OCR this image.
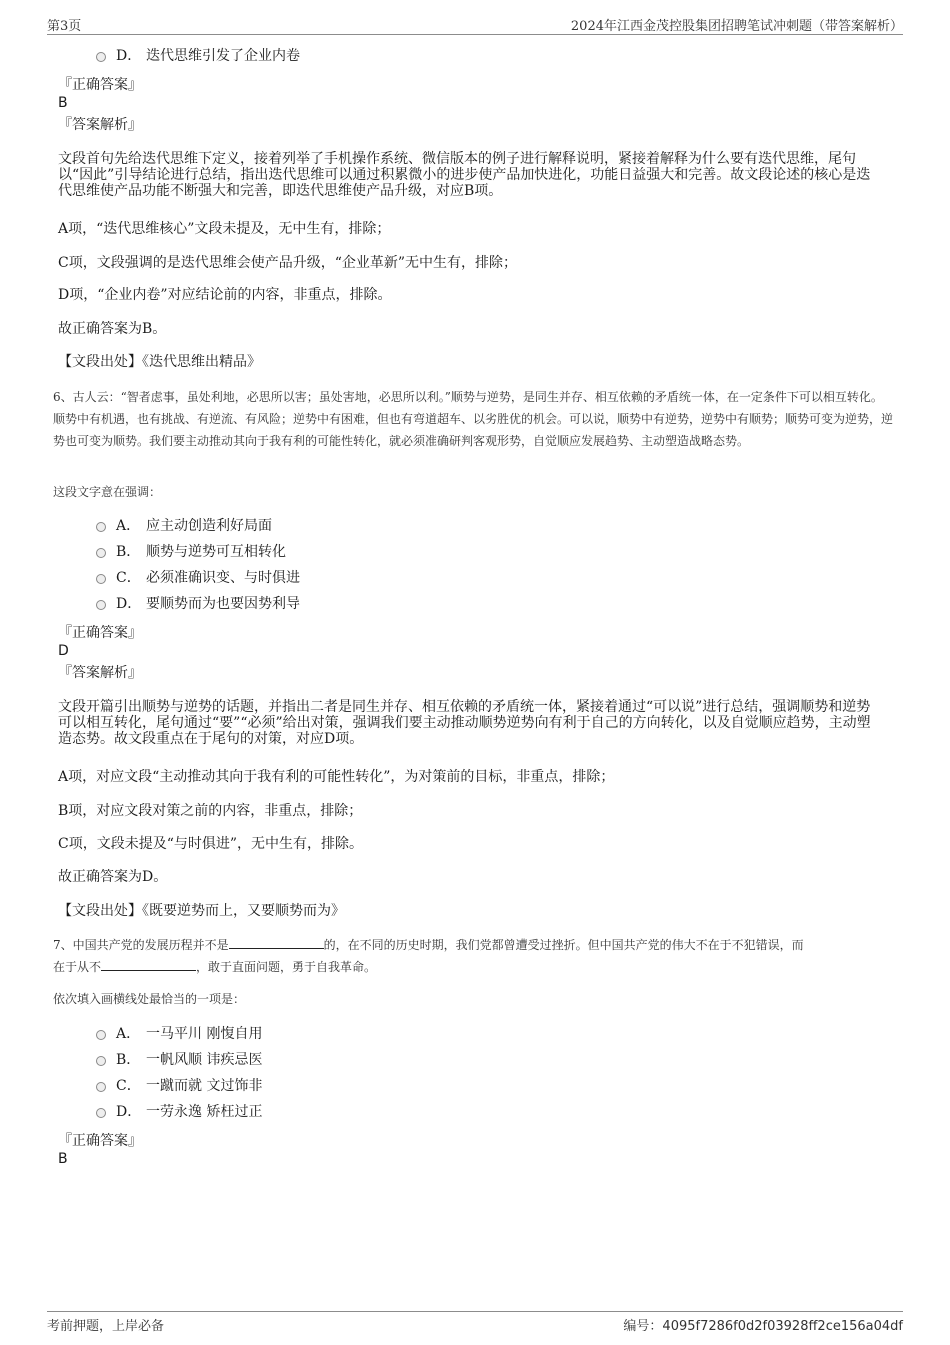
第3页	2024年江西金茂控股集团招聘笔试冲刺题（带答案解析）
D． 迭代思维引发了企业内卷
『正确答案』
B
『答案解析』
文段首句先给迭代思维下定义，接着列举了手机操作系统、微信版本的例子进行解释说明，紧接着解释为什么要有迭代思维，尾句以“因此”引导结论进行总结，指出迭代思维可以通过积累微小的进步使产品加快进化，功能日益强大和完善。故文段论述的核心是迭代思维使产品功能不断强大和完善，即迭代思维使产品升级，对应B项。
A项，“迭代思维核心”文段未提及，无中生有，排除；
C项，文段强调的是迭代思维会使产品升级，“企业革新”无中生有，排除；
D项，“企业内卷”对应结论前的内容，非重点，排除。
故正确答案为B。
【文段出处】《迭代思维出精品》
6、古人云：“智者虑事，虽处利地，必思所以害；虽处害地，必思所以利。”顺势与逆势，是同生并存、相互依赖的矛盾统一体，在一定条件下可以相互转化。顺势中有机遇，也有挑战、有逆流、有风险；逆势中有困难，但也有弯道超车、以劣胜优的机会。可以说，顺势中有逆势，逆势中有顺势；顺势可变为逆势，逆势也可变为顺势。我们要主动推动其向于我有利的可能性转化，就必须准确研判客观形势，自觉顺应发展趋势、主动塑造战略态势。
这段文字意在强调：
A． 应主动创造利好局面
B． 顺势与逆势可互相转化
C． 必须准确识变、与时俱进
D． 要顺势而为也要因势利导
『正确答案』
D
『答案解析』
文段开篇引出顺势与逆势的话题，并指出二者是同生并存、相互依赖的矛盾统一体，紧接着通过“可以说”进行总结，强调顺势和逆势可以相互转化，尾句通过“要”“必须”给出对策，强调我们要主动推动顺势逆势向有利于自己的方向转化，以及自觉顺应趋势，主动塑造态势。故文段重点在于尾句的对策，对应D项。
A项，对应文段“主动推动其向于我有利的可能性转化”，为对策前的目标，非重点，排除；
B项，对应文段对策之前的内容，非重点，排除；
C项，文段未提及“与时俱进”，无中生有，排除。
故正确答案为D。
【文段出处】《既要逆势而上，又要顺势而为》
7、中国共产党的发展历程并不是	的，在不同的历史时期，我们党都曾遭受过挫折。但中国共产党的伟大不在于不犯错误，而
在于从不	，敢于直面问题，勇于自我革命。
依次填入画横线处最恰当的一项是：
A． 一马平川 刚愎自用
B． 一帆风顺 讳疾忌医
C． 一蹴而就 文过饰非
D． 一劳永逸 矫枉过正
『正确答案』
B
考前押题，上岸必备	编号：4095f7286f0d2f03928ff2ce156a04df
